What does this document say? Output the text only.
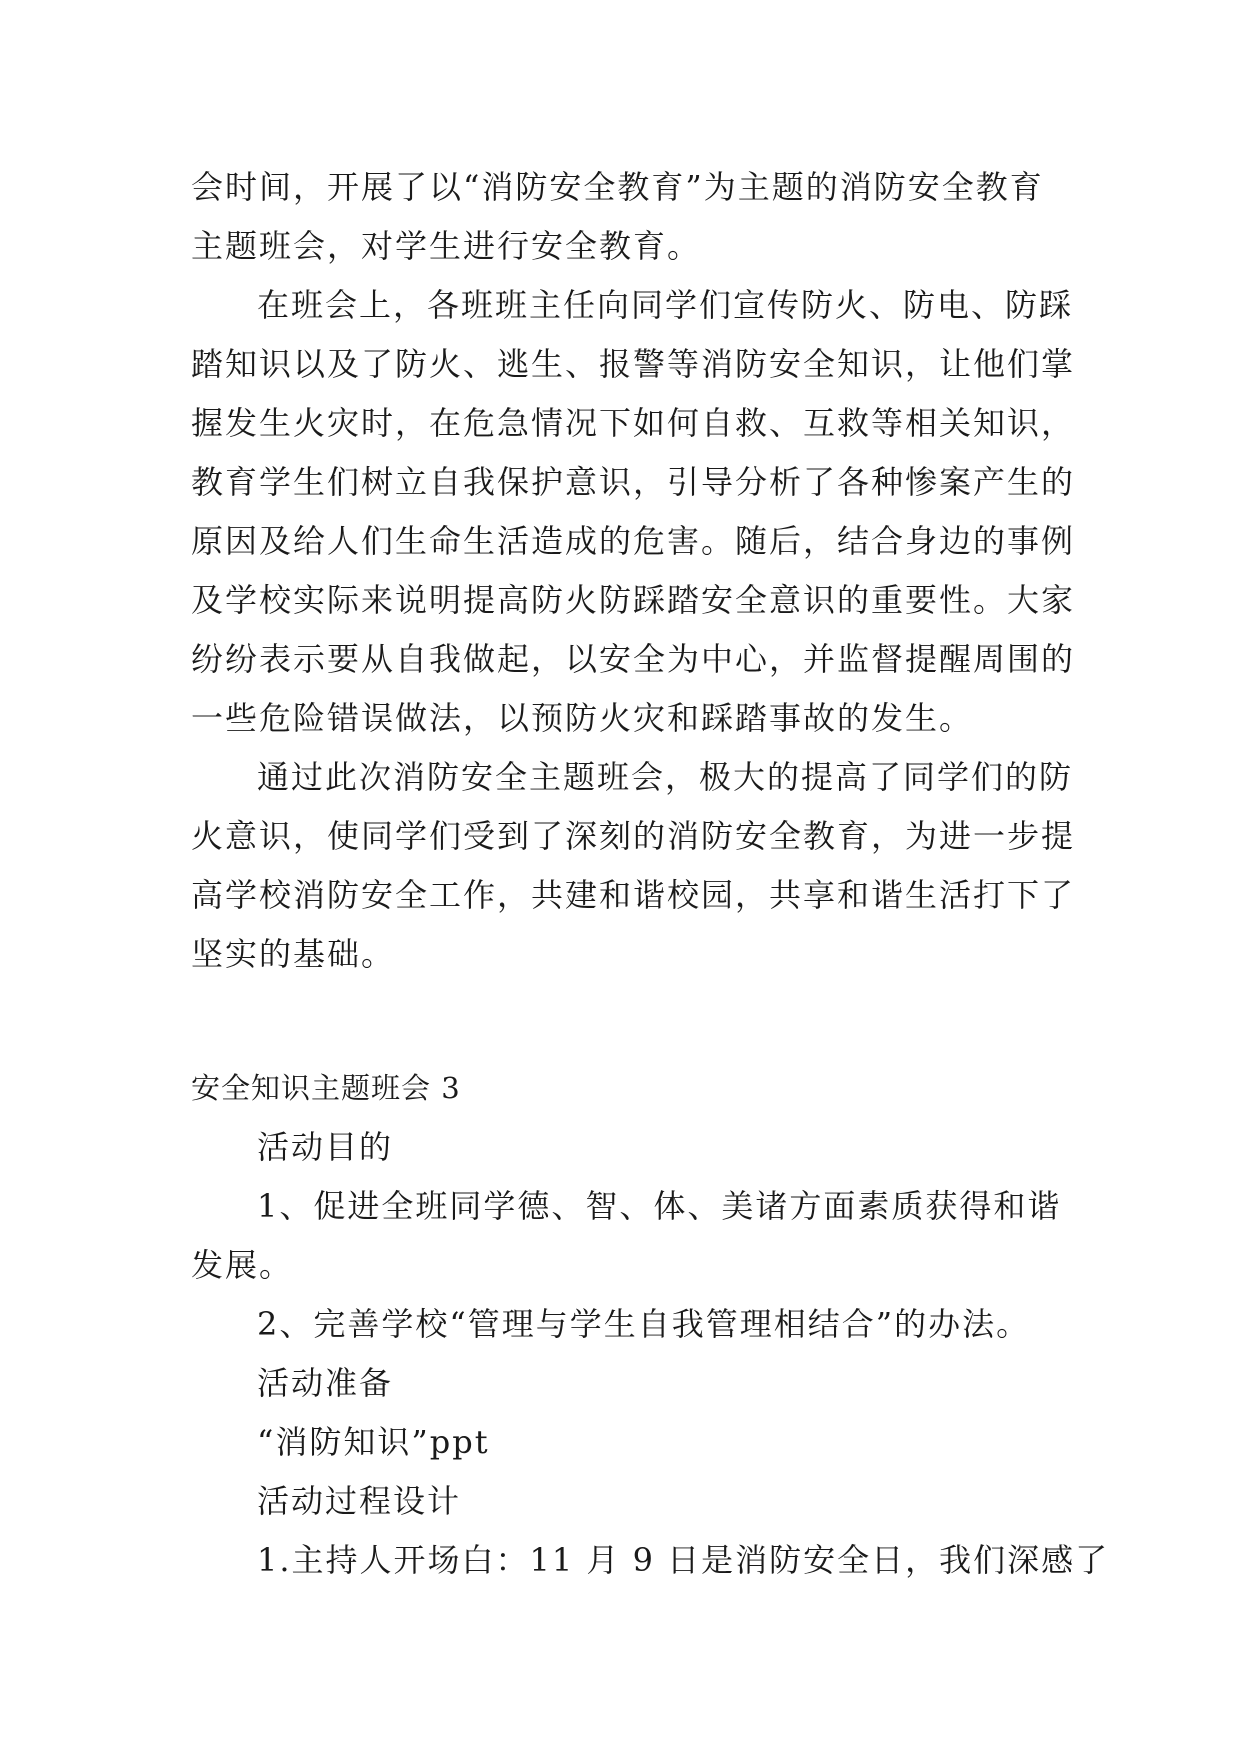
会时间，开展了以“消防安全教育”为主题的消防安全教育
主题班会，对学生进行安全教育。
在班会上，各班班主任向同学们宣传防火、防电、防踩
踏知识以及了防火、逃生、报警等消防安全知识，让他们掌
握发生火灾时，在危急情况下如何自救、互救等相关知识，
教育学生们树立自我保护意识，引导分析了各种惨案产生的
原因及给人们生命生活造成的危害。随后，结合身边的事例
及学校实际来说明提高防火防踩踏安全意识的重要性。大家
纷纷表示要从自我做起，以安全为中心，并监督提醒周围的
一些危险错误做法，以预防火灾和踩踏事故的发生。
通过此次消防安全主题班会，极大的提高了同学们的防
火意识，使同学们受到了深刻的消防安全教育，为进一步提
高学校消防安全工作，共建和谐校园，共享和谐生活打下了
坚实的基础。
安全知识主题班会 3
活动目的
1、促进全班同学德、智、体、美诸方面素质获得和谐
发展。
2、完善学校“管理与学生自我管理相结合”的办法。
活动准备
“消防知识”ppt
活动过程设计
1.主持人开场白：11 月 9 日是消防安全日，我们深感了
